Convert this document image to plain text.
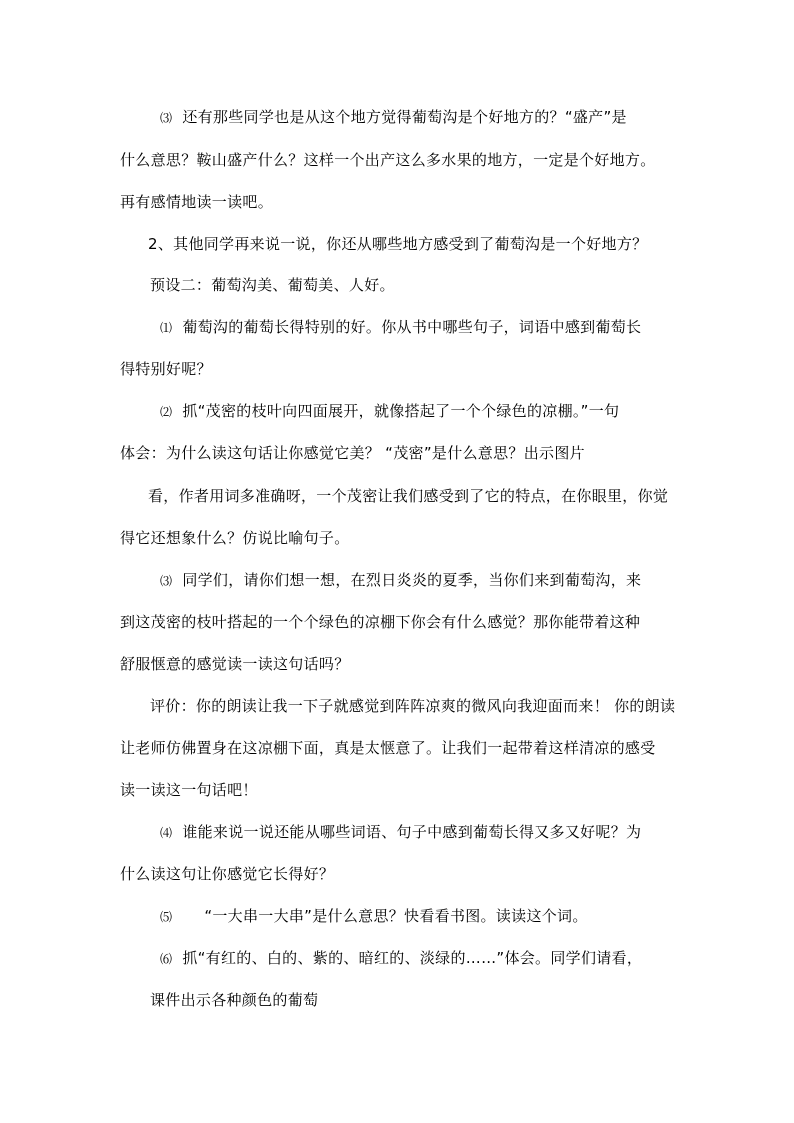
⑶ 还有那些同学也是从这个地方觉得葡萄沟是个好地方的？“盛产”是
什么意思？鞍山盛产什么？这样一个出产这么多水果的地方，一定是个好地方。
再有感情地读一读吧。
2、其他同学再来说一说，你还从哪些地方感受到了葡萄沟是一个好地方？
预设二：葡萄沟美、葡萄美、人好。
⑴ 葡萄沟的葡萄长得特别的好。你从书中哪些句子，词语中感到葡萄长
得特别好呢？
⑵ 抓“茂密的枝叶向四面展开，就像搭起了一个个绿色的凉棚。”一句
体会：为什么读这句话让你感觉它美？ “茂密”是什么意思？出示图片
看，作者用词多准确呀，一个茂密让我们感受到了它的特点，在你眼里，你觉
得它还想象什么？仿说比喻句子。
⑶ 同学们，请你们想一想，在烈日炎炎的夏季，当你们来到葡萄沟，来
到这茂密的枝叶搭起的一个个绿色的凉棚下你会有什么感觉？那你能带着这种
舒服惬意的感觉读一读这句话吗？
评价：你的朗读让我一下子就感觉到阵阵凉爽的微风向我迎面而来！ 你的朗读
让老师仿佛置身在这凉棚下面，真是太惬意了。让我们一起带着这样清凉的感受
读一读这一句话吧！
⑷ 谁能来说一说还能从哪些词语、句子中感到葡萄长得又多又好呢？为
什么读这句让你感觉它长得好？
⑸ “一大串一大串”是什么意思？快看看书图。读读这个词。
⑹ 抓“有红的、白的、紫的、暗红的、淡绿的……”体会。同学们请看，
课件出示各种颜色的葡萄
